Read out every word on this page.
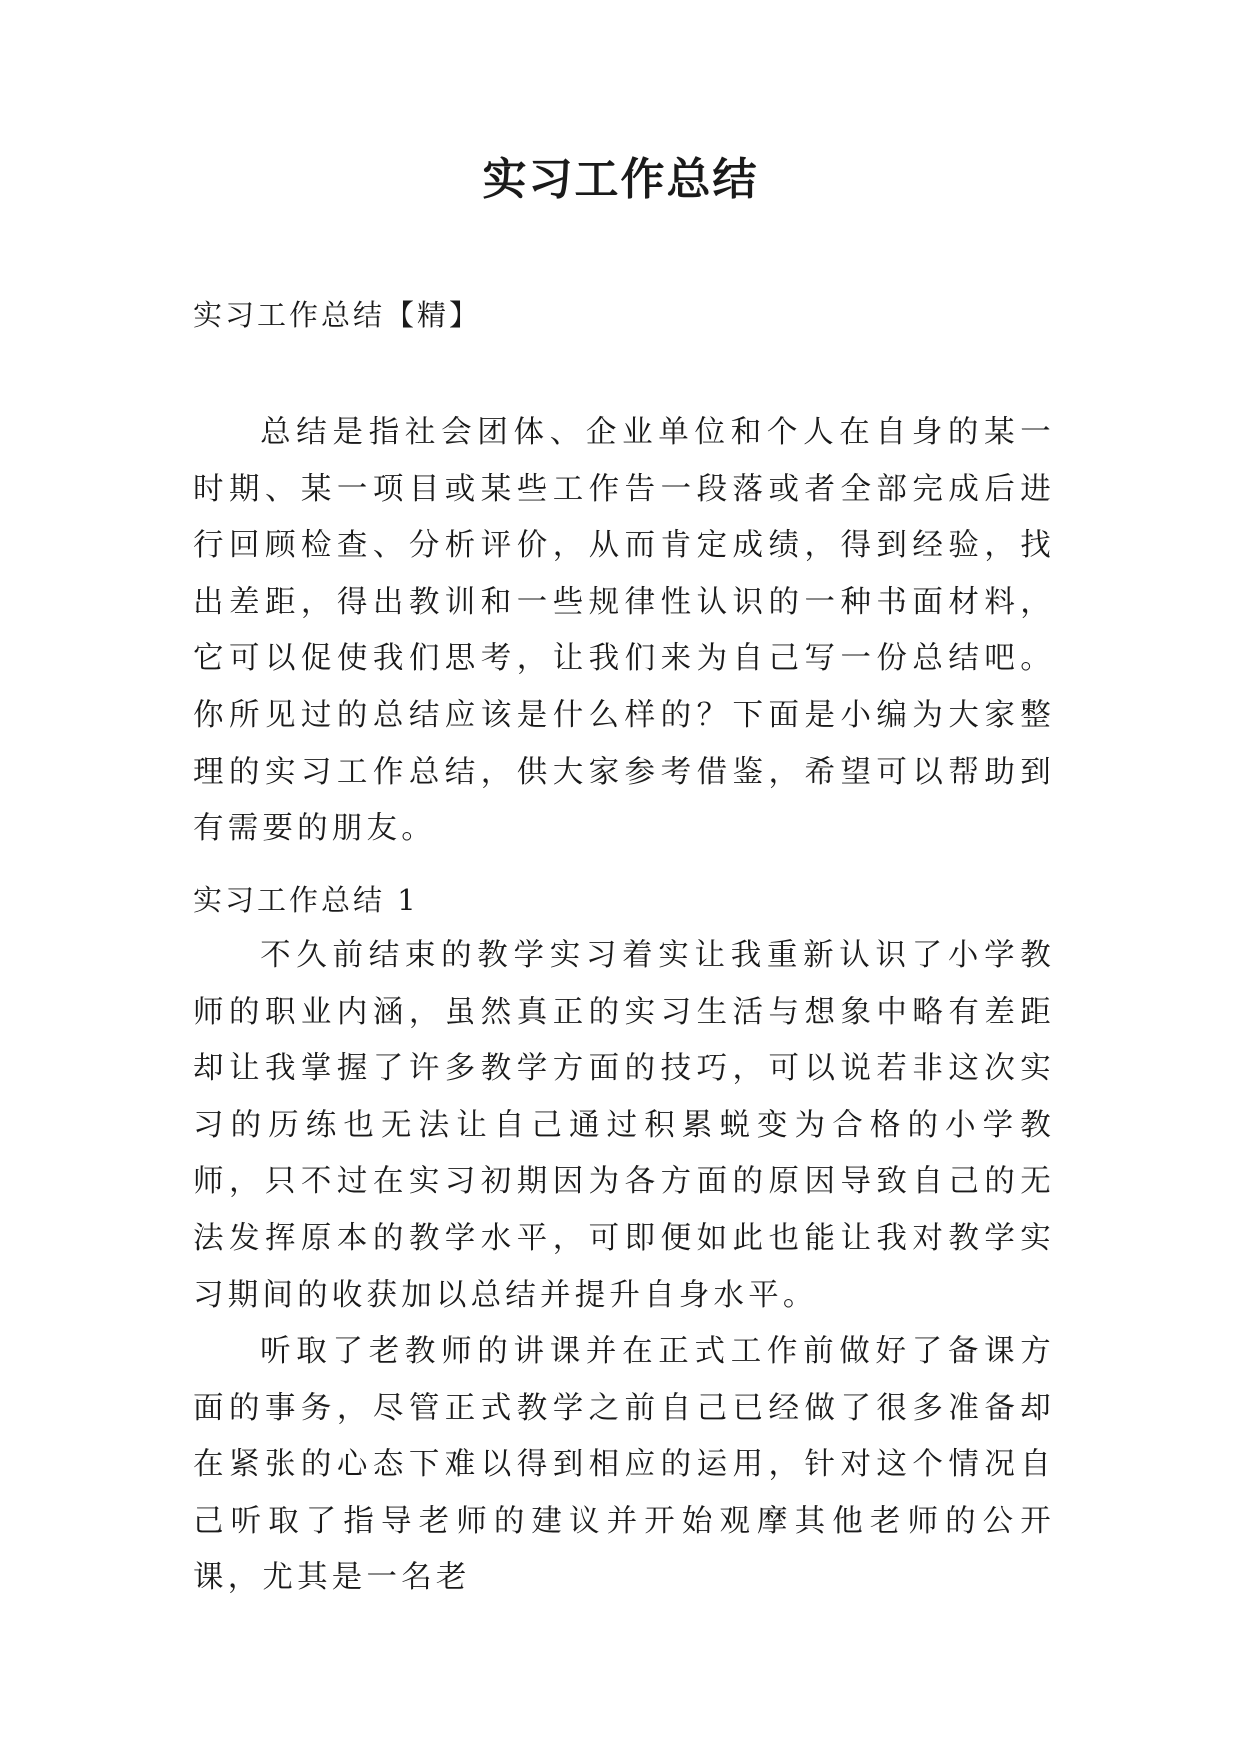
实习工作总结

实习工作总结【精】

总结是指社会团体、企业单位和个人在自身的某一时期、某一项目或某些工作告一段落或者全部完成后进行回顾检查、分析评价，从而肯定成绩，得到经验，找出差距，得出教训和一些规律性认识的一种书面材料，它可以促使我们思考，让我们来为自己写一份总结吧。你所见过的总结应该是什么样的？下面是小编为大家整理的实习工作总结，供大家参考借鉴，希望可以帮助到有需要的朋友。

实习工作总结 1

不久前结束的教学实习着实让我重新认识了小学教师的职业内涵，虽然真正的实习生活与想象中略有差距却让我掌握了许多教学方面的技巧，可以说若非这次实习的历练也无法让自己通过积累蜕变为合格的小学教师，只不过在实习初期因为各方面的原因导致自己的无法发挥原本的教学水平，可即便如此也能让我对教学实习期间的收获加以总结并提升自身水平。

听取了老教师的讲课并在正式工作前做好了备课方面的事务，尽管正式教学之前自己已经做了很多准备却在紧张的心态下难以得到相应的运用，针对这个情况自己听取了指导老师的建议并开始观摩其他老师的公开课，尤其是一名老
